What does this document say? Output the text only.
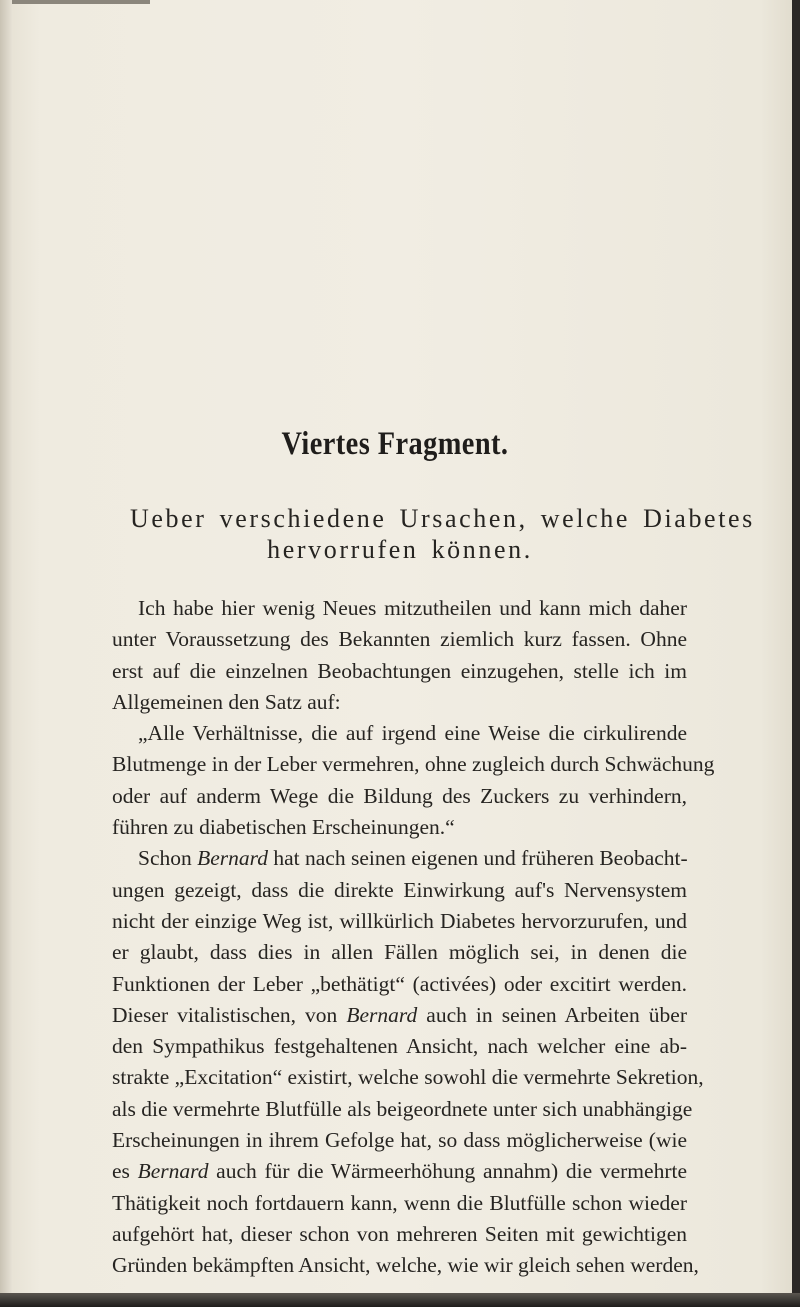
Viertes Fragment.
Ueber verschiedene Ursachen, welche Diabetes
hervorrufen können.
Ich habe hier wenig Neues mitzutheilen und kann mich daher
unter Voraussetzung des Bekannten ziemlich kurz fassen. Ohne
erst auf die einzelnen Beobachtungen einzugehen, stelle ich im
Allgemeinen den Satz auf:
„Alle Verhältnisse, die auf irgend eine Weise die cirkulirende
Blutmenge in der Leber vermehren, ohne zugleich durch Schwächung
oder auf anderm Wege die Bildung des Zuckers zu verhindern,
führen zu diabetischen Erscheinungen.“
Schon Bernard hat nach seinen eigenen und früheren Beobacht-
ungen gezeigt, dass die direkte Einwirkung auf's Nervensystem
nicht der einzige Weg ist, willkürlich Diabetes hervorzurufen, und
er glaubt, dass dies in allen Fällen möglich sei, in denen die
Funktionen der Leber „bethätigt“ (activées) oder excitirt werden.
Dieser vitalistischen, von Bernard auch in seinen Arbeiten über
den Sympathikus festgehaltenen Ansicht, nach welcher eine ab-
strakte „Excitation“ existirt, welche sowohl die vermehrte Sekretion,
als die vermehrte Blutfülle als beigeordnete unter sich unabhängige
Erscheinungen in ihrem Gefolge hat, so dass möglicherweise (wie
es Bernard auch für die Wärmeerhöhung annahm) die vermehrte
Thätigkeit noch fortdauern kann, wenn die Blutfülle schon wieder
aufgehört hat, dieser schon von mehreren Seiten mit gewichtigen
Gründen bekämpften Ansicht, welche, wie wir gleich sehen werden,
